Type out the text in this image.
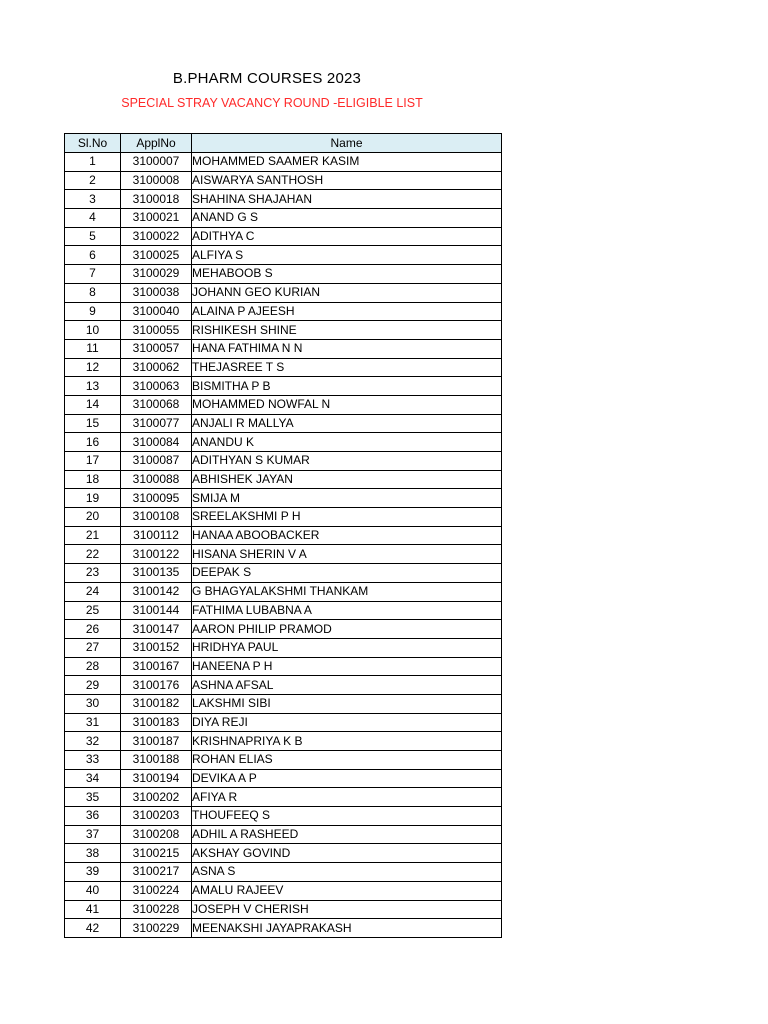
B.PHARM COURSES 2023
SPECIAL STRAY VACANCY ROUND -ELIGIBLE LIST
Sl.No	ApplNo	Name
1	3100007	MOHAMMED SAAMER KASIM
2	3100008	AISWARYA SANTHOSH
3	3100018	SHAHINA SHAJAHAN
4	3100021	ANAND G S
5	3100022	ADITHYA C
6	3100025	ALFIYA S
7	3100029	MEHABOOB S
8	3100038	JOHANN GEO KURIAN
9	3100040	ALAINA P AJEESH
10	3100055	RISHIKESH SHINE
11	3100057	HANA FATHIMA N N
12	3100062	THEJASREE T S
13	3100063	BISMITHA P B
14	3100068	MOHAMMED NOWFAL N
15	3100077	ANJALI R MALLYA
16	3100084	ANANDU K
17	3100087	ADITHYAN S KUMAR
18	3100088	ABHISHEK JAYAN
19	3100095	SMIJA M
20	3100108	SREELAKSHMI P H
21	3100112	HANAA ABOOBACKER
22	3100122	HISANA SHERIN V A
23	3100135	DEEPAK S
24	3100142	G BHAGYALAKSHMI THANKAM
25	3100144	FATHIMA LUBABNA A
26	3100147	AARON PHILIP PRAMOD
27	3100152	HRIDHYA PAUL
28	3100167	HANEENA P H
29	3100176	ASHNA AFSAL
30	3100182	LAKSHMI SIBI
31	3100183	DIYA REJI
32	3100187	KRISHNAPRIYA K B
33	3100188	ROHAN ELIAS
34	3100194	DEVIKA A P
35	3100202	AFIYA R
36	3100203	THOUFEEQ S
37	3100208	ADHIL A RASHEED
38	3100215	AKSHAY GOVIND
39	3100217	ASNA S
40	3100224	AMALU RAJEEV
41	3100228	JOSEPH V CHERISH
42	3100229	MEENAKSHI JAYAPRAKASH
